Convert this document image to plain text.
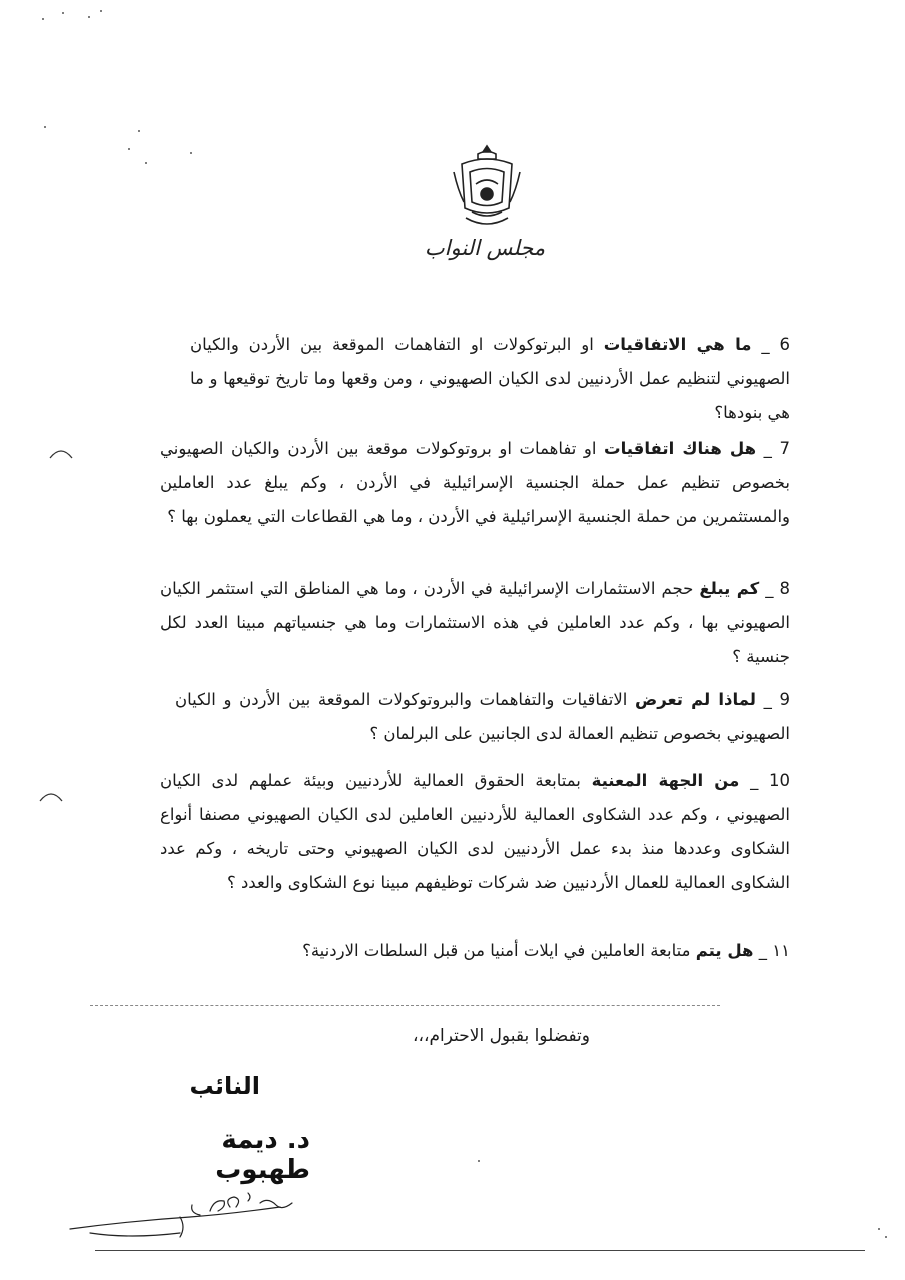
مجلس النواب
6 _ ما هي الاتفاقيات او البرتوكولات او التفاهمات الموقعة بين الأردن والكيان الصهيوني لتنظيم عمل الأردنيين لدى الكيان الصهيوني ، ومن وقعها وما تاريخ توقيعها و ما هي بنودها؟
7 _ هل هناك اتفاقيات او تفاهمات او بروتوكولات موقعة بين الأردن والكيان الصهيوني بخصوص تنظيم عمل حملة الجنسية الإسرائيلية في الأردن ، وكم يبلغ عدد العاملين والمستثمرين من حملة الجنسية الإسرائيلية في الأردن ، وما هي القطاعات التي يعملون بها ؟
8 _ كم يبلغ حجم الاستثمارات الإسرائيلية في الأردن ، وما هي المناطق التي استثمر الكيان الصهيوني بها ، وكم عدد العاملين في هذه الاستثمارات وما هي جنسياتهم مبينا العدد لكل جنسية ؟
9 _ لماذا لم تعرض الاتفاقيات والتفاهمات والبروتوكولات الموقعة بين الأردن و الكيان الصهيوني بخصوص تنظيم العمالة لدى الجانبين على البرلمان ؟
10 _ من الجهة المعنية بمتابعة الحقوق العمالية للأردنيين وبيئة عملهم لدى الكيان الصهيوني ، وكم عدد الشكاوى العمالية للأردنيين العاملين لدى الكيان الصهيوني مصنفا أنواع الشكاوى وعددها منذ بدء عمل الأردنيين لدى الكيان الصهيوني وحتى تاريخه ، وكم عدد الشكاوى العمالية للعمال الأردنيين ضد شركات توظيفهم مبينا نوع الشكاوى والعدد ؟
١١ _ هل يتم متابعة العاملين في ايلات أمنيا من قبل السلطات الاردنية؟
وتفضلوا بقبول الاحترام،،،
النائب
د. ديمة طهبوب
